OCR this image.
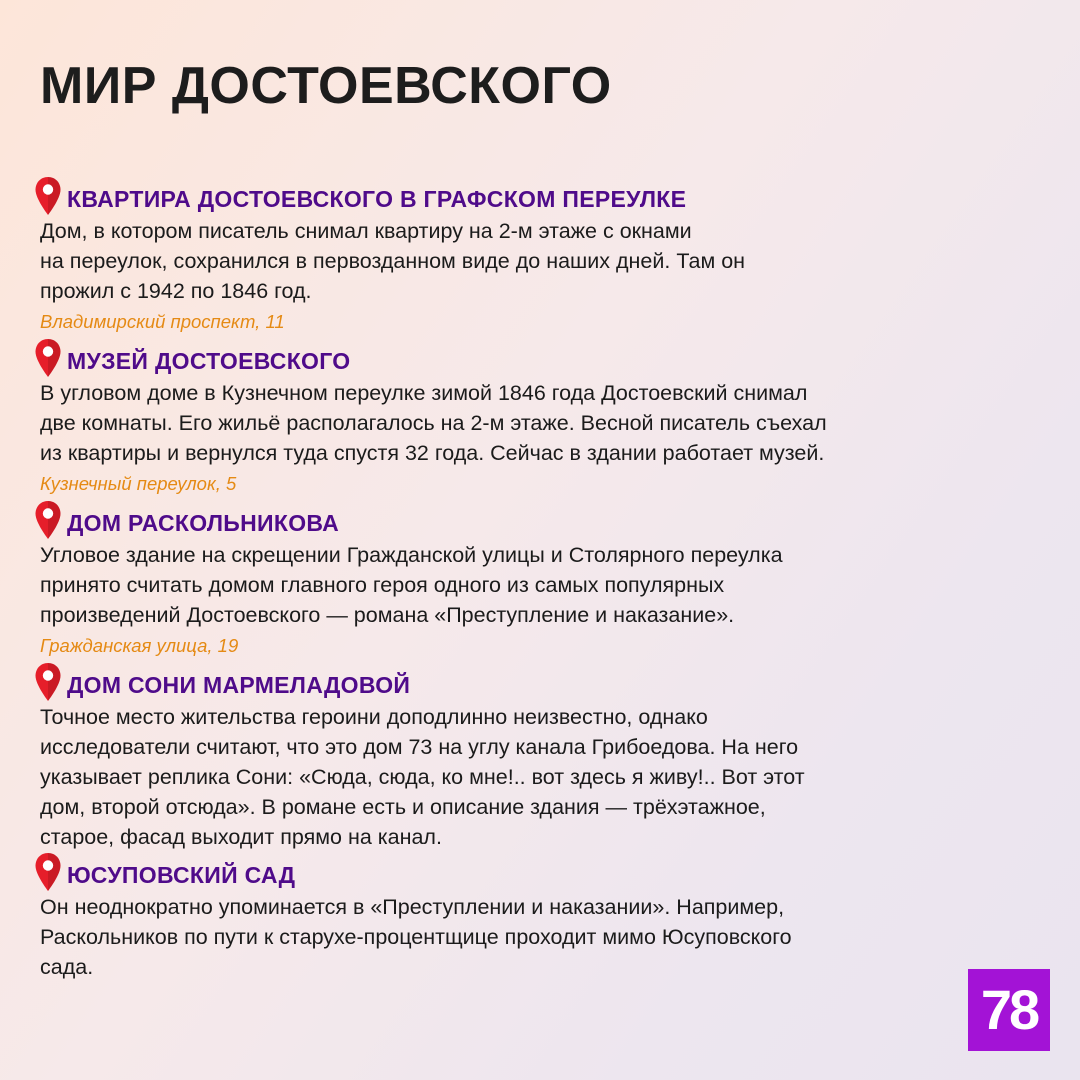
МИР ДОСТОЕВСКОГО
КВАРТИРА ДОСТОЕВСКОГО В ГРАФСКОМ ПЕРЕУЛКЕ
Дом, в котором писатель снимал квартиру на 2-м этаже с окнами
на переулок, сохранился в первозданном виде до наших дней. Там он
прожил с 1942 по 1846 год.
Владимирский проспект, 11
МУЗЕЙ ДОСТОЕВСКОГО
В угловом доме в Кузнечном переулке зимой 1846 года Достоевский снимал
две комнаты. Его жильё располагалось на 2-м этаже. Весной писатель съехал
из квартиры и вернулся туда спустя 32 года. Сейчас в здании работает музей.
Кузнечный переулок, 5
ДОМ РАСКОЛЬНИКОВА
Угловое здание на скрещении Гражданской улицы и Столярного переулка
принято считать домом главного героя одного из самых популярных
произведений Достоевского — романа «Преступление и наказание».
Гражданская улица, 19
ДОМ СОНИ МАРМЕЛАДОВОЙ
Точное место жительства героини доподлинно неизвестно, однако
исследователи считают, что это дом 73 на углу канала Грибоедова. На него
указывает реплика Сони: «Сюда, сюда, ко мне!.. вот здесь я живу!.. Вот этот
дом, второй отсюда». В романе есть и описание здания — трёхэтажное,
старое, фасад выходит прямо на канал.
ЮСУПОВСКИЙ САД
Он неоднократно упоминается в «Преступлении и наказании». Например,
Раскольников по пути к старухе-процентщице проходит мимо Юсуповского
сада.
78
